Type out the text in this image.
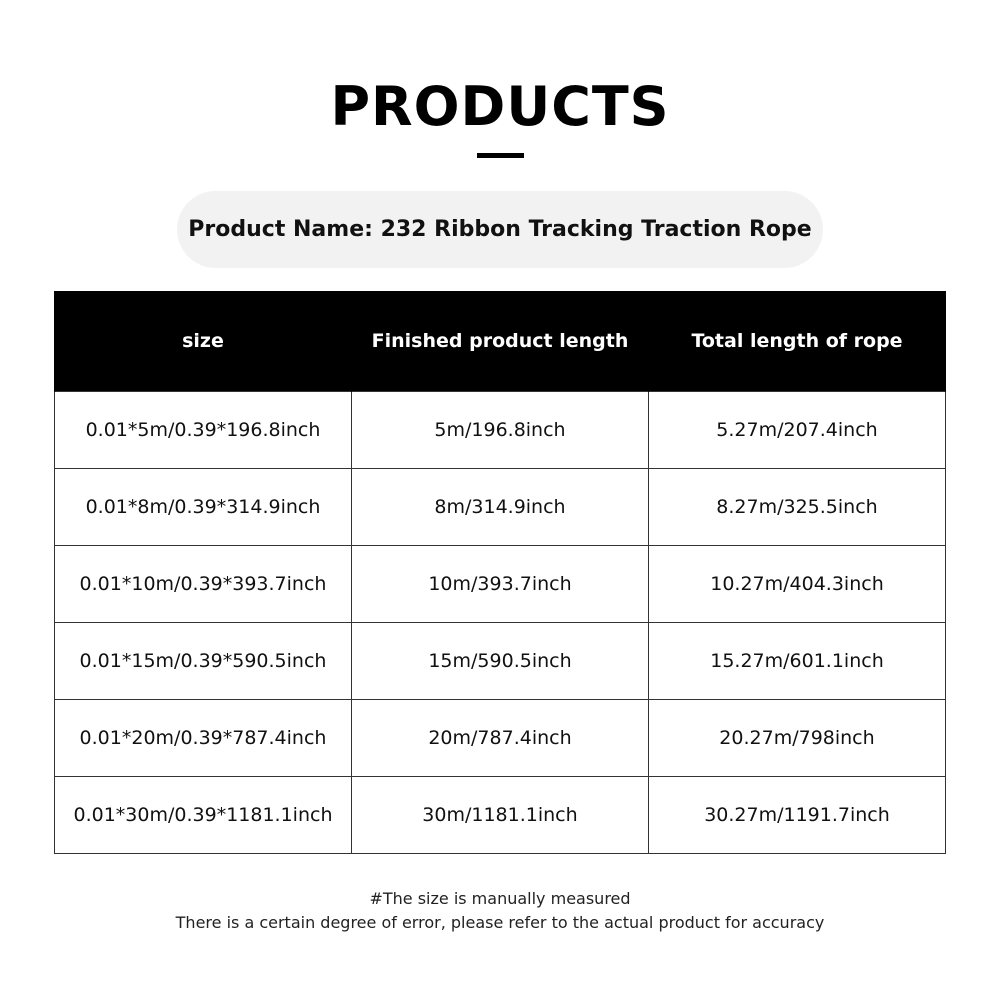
PRODUCTS
Product Name: 232 Ribbon Tracking Traction Rope
size	Finished product length	Total length of rope
0.01*5m/0.39*196.8inch	5m/196.8inch	5.27m/207.4inch
0.01*8m/0.39*314.9inch	8m/314.9inch	8.27m/325.5inch
0.01*10m/0.39*393.7inch	10m/393.7inch	10.27m/404.3inch
0.01*15m/0.39*590.5inch	15m/590.5inch	15.27m/601.1inch
0.01*20m/0.39*787.4inch	20m/787.4inch	20.27m/798inch
0.01*30m/0.39*1181.1inch	30m/1181.1inch	30.27m/1191.7inch
#The size is manually measured
There is a certain degree of error, please refer to the actual product for accuracy
